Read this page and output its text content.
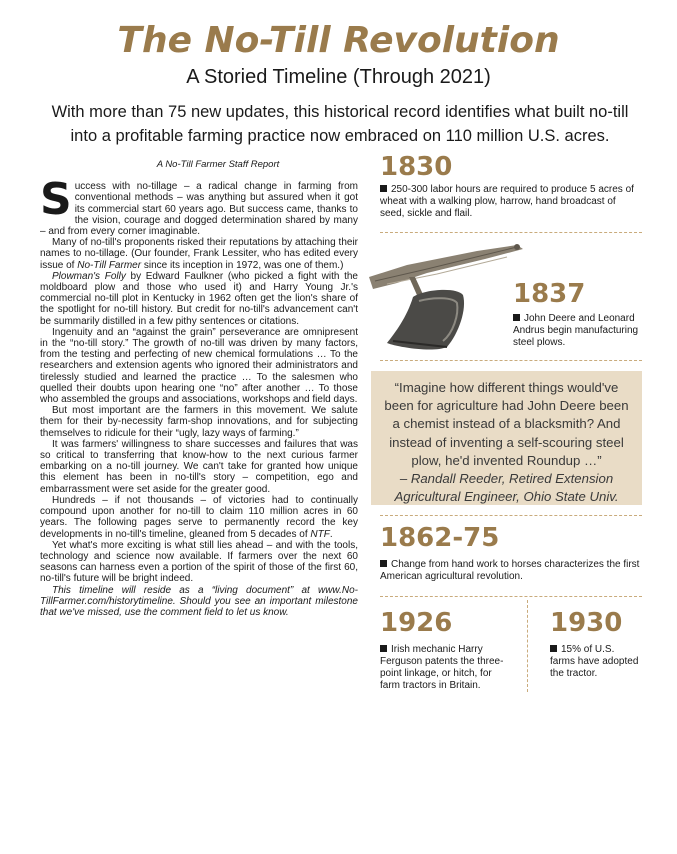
The No-Till Revolution
A Storied Timeline (Through 2021)
With more than 75 new updates, this historical record identifies what built no-till into a profitable farming practice now embraced on 110 million U.S. acres.
A No-Till Farmer Staff Report

Success with no-tillage – a radical change in farming from conventional methods – was anything but assured when it got its commercial start 60 years ago. But success came, thanks to the vision, courage and dogged determination shared by many – and from every corner imaginable.

Many of no-till's proponents risked their reputations by attaching their names to no-tillage. (Our founder, Frank Lessiter, who has edited every issue of No-Till Farmer since its inception in 1972, was one of them.)

Plowman's Folly by Edward Faulkner (who picked a fight with the moldboard plow and those who used it) and Harry Young Jr.'s commercial no-till plot in Kentucky in 1962 often get the lion's share of the spotlight for no-till history. But credit for no-till's advancement can't be summarily distilled in a few pithy sentences or citations.

Ingenuity and an “against the grain” perseverance are omnipresent in the “no-till story.” The growth of no-till was driven by many factors, from the testing and perfecting of new chemical formulations … To the researchers and extension agents who ignored their administrators and tirelessly studied and learned the practice … To the salesmen who quelled their doubts upon hearing one “no” after another … To those who assembled the groups and associations, workshops and field days.

But most important are the farmers in this movement. We salute them for their by-necessity farm-shop innovations, and for subjecting themselves to ridicule for their “ugly, lazy ways of farming.”

It was farmers' willingness to share successes and failures that was so critical to transferring that know-how to the next curious farmer embarking on a no-till journey. We can't take for granted how unique this element has been in no-till's story – competition, ego and embarrassment were set aside for the greater good.

Hundreds – if not thousands – of victories had to continually compound upon another for no-till to claim 110 million acres in 60 years. The following pages serve to permanently record the key developments in no-till's timeline, gleaned from 5 decades of NTF.

Yet what's more exciting is what still lies ahead – and with the tools, technology and science now available. If farmers over the next 60 seasons can harness even a portion of the spirit of those of the first 60, no-till's future will be bright indeed.

This timeline will reside as a “living document” at www.No-TillFarmer.com/historytimeline. Should you see an important milestone that we've missed, use the comment field to let us know.

1830
250-300 labor hours are required to produce 5 acres of wheat with a walking plow, harrow, hand broadcast of seed, sickle and flail.
1837
John Deere and Leonard Andrus begin manufacturing steel plows.
“Imagine how different things would've been for agriculture had John Deere been a chemist instead of a blacksmith? And instead of inventing a self-scouring steel plow, he'd invented Roundup …”
– Randall Reeder, Retired Extension Agricultural Engineer, Ohio State Univ.
1862-75
Change from hand work to horses characterizes the first American agricultural revolution.
1926
Irish mechanic Harry Ferguson patents the three-point linkage, or hitch, for farm tractors in Britain.
1930
15% of U.S. farms have adopted the tractor.
